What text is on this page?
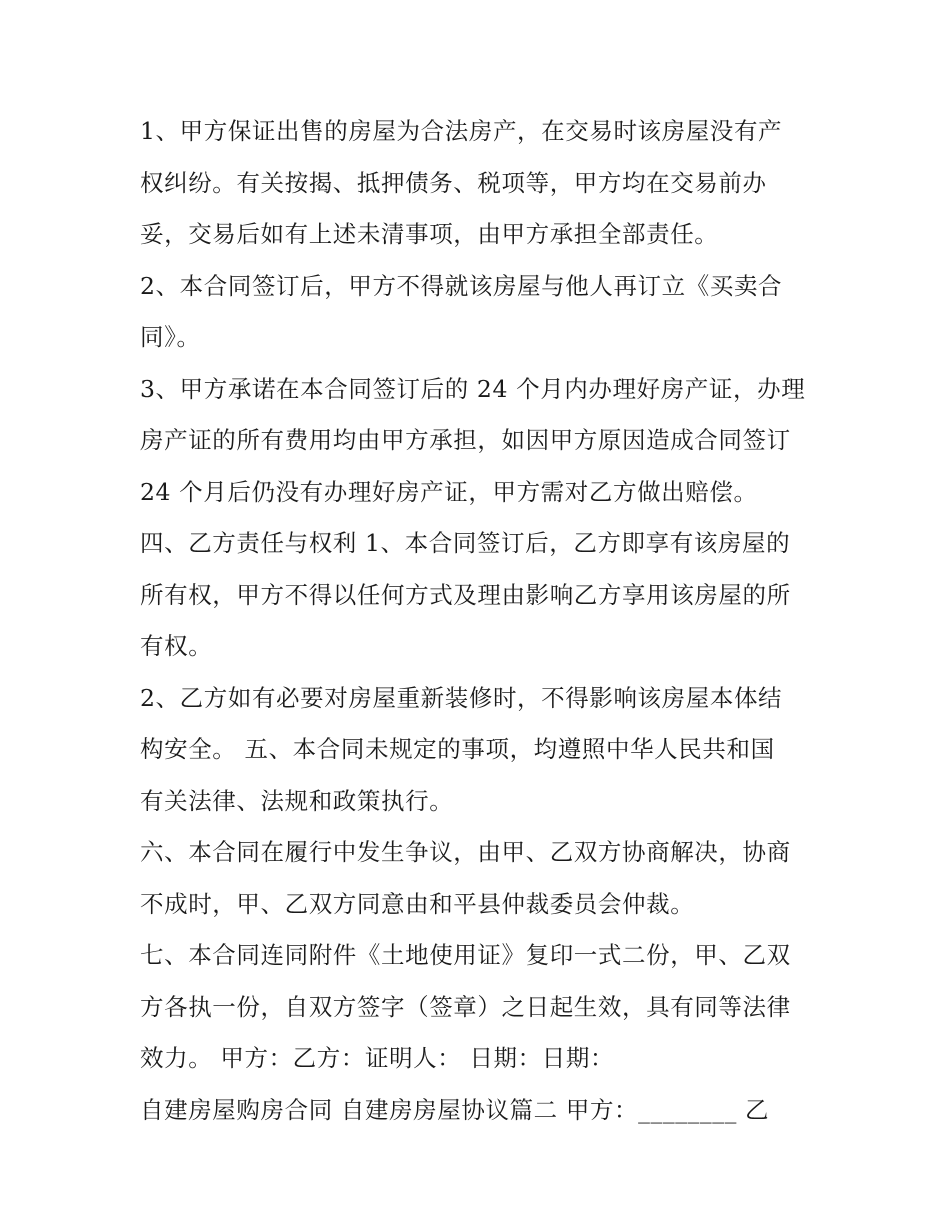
1、甲方保证出售的房屋为合法房产，在交易时该房屋没有产
权纠纷。有关按揭、抵押债务、税项等，甲方均在交易前办
妥，交易后如有上述未清事项，由甲方承担全部责任。
2、本合同签订后，甲方不得就该房屋与他人再订立《买卖合
同》。
3、甲方承诺在本合同签订后的 24 个月内办理好房产证，办理
房产证的所有费用均由甲方承担，如因甲方原因造成合同签订
24 个月后仍没有办理好房产证，甲方需对乙方做出赔偿。
四、乙方责任与权利 1、本合同签订后，乙方即享有该房屋的
所有权，甲方不得以任何方式及理由影响乙方享用该房屋的所
有权。
2、乙方如有必要对房屋重新装修时，不得影响该房屋本体结
构安全。 五、本合同未规定的事项，均遵照中华人民共和国
有关法律、法规和政策执行。
六、本合同在履行中发生争议，由甲、乙双方协商解决，协商
不成时，甲、乙双方同意由和平县仲裁委员会仲裁。
七、本合同连同附件《土地使用证》复印一式二份，甲、乙双
方各执一份，自双方签字（签章）之日起生效，具有同等法律
效力。 甲方：乙方：证明人： 日期：日期：
自建房屋购房合同 自建房房屋协议篇二 甲方：________ 乙
